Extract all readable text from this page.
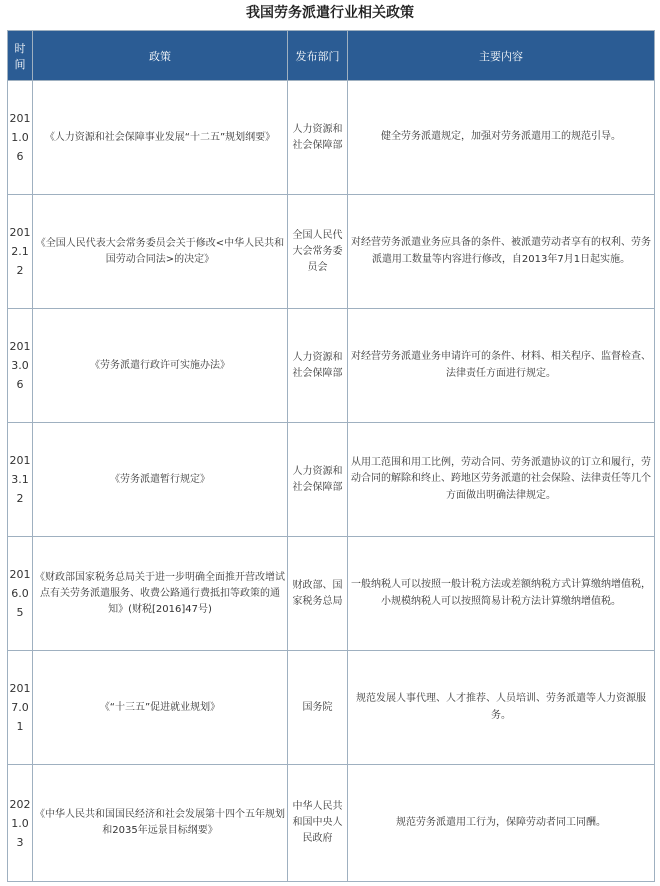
我国劳务派遣行业相关政策
时间	政策	发布部门	主要内容
2011.06	《人力资源和社会保障事业发展“十二五”规划纲要》	人力资源和社会保障部	健全劳务派遣规定，加强对劳务派遣用工的规范引导。
2012.12	《全国人民代表大会常务委员会关于修改<中华人民共和国劳动合同法>的决定》	全国人民代大会常务委员会	对经营劳务派遣业务应具备的条件、被派遣劳动者享有的权利、劳务派遣用工数量等内容进行修改，自2013年7月1日起实施。
2013.06	《劳务派遣行政许可实施办法》	人力资源和社会保障部	对经营劳务派遣业务申请许可的条件、材料、相关程序、监督检查、法律责任方面进行规定。
2013.12	《劳务派遣暂行规定》	人力资源和社会保障部	从用工范围和用工比例，劳动合同、劳务派遣协议的订立和履行，劳动合同的解除和终止、跨地区劳务派遣的社会保险、法律责任等几个方面做出明确法律规定。
2016.05	《财政部国家税务总局关于进一步明确全面推开营改增试点有关劳务派遣服务、收费公路通行费抵扣等政策的通知》(财税[2016]47号)	财政部、国家税务总局	一般纳税人可以按照一般计税方法或差额纳税方式计算缴纳增值税，小规模纳税人可以按照简易计税方法计算缴纳增值税。
2017.01	《“十三五”促进就业规划》	国务院	规范发展人事代理、人才推荐、人员培训、劳务派遣等人力资源服务。
2021.03	《中华人民共和国国民经济和社会发展第十四个五年规划和2035年远景目标纲要》	中华人民共和国中央人民政府	规范劳务派遣用工行为，保障劳动者同工同酬。
